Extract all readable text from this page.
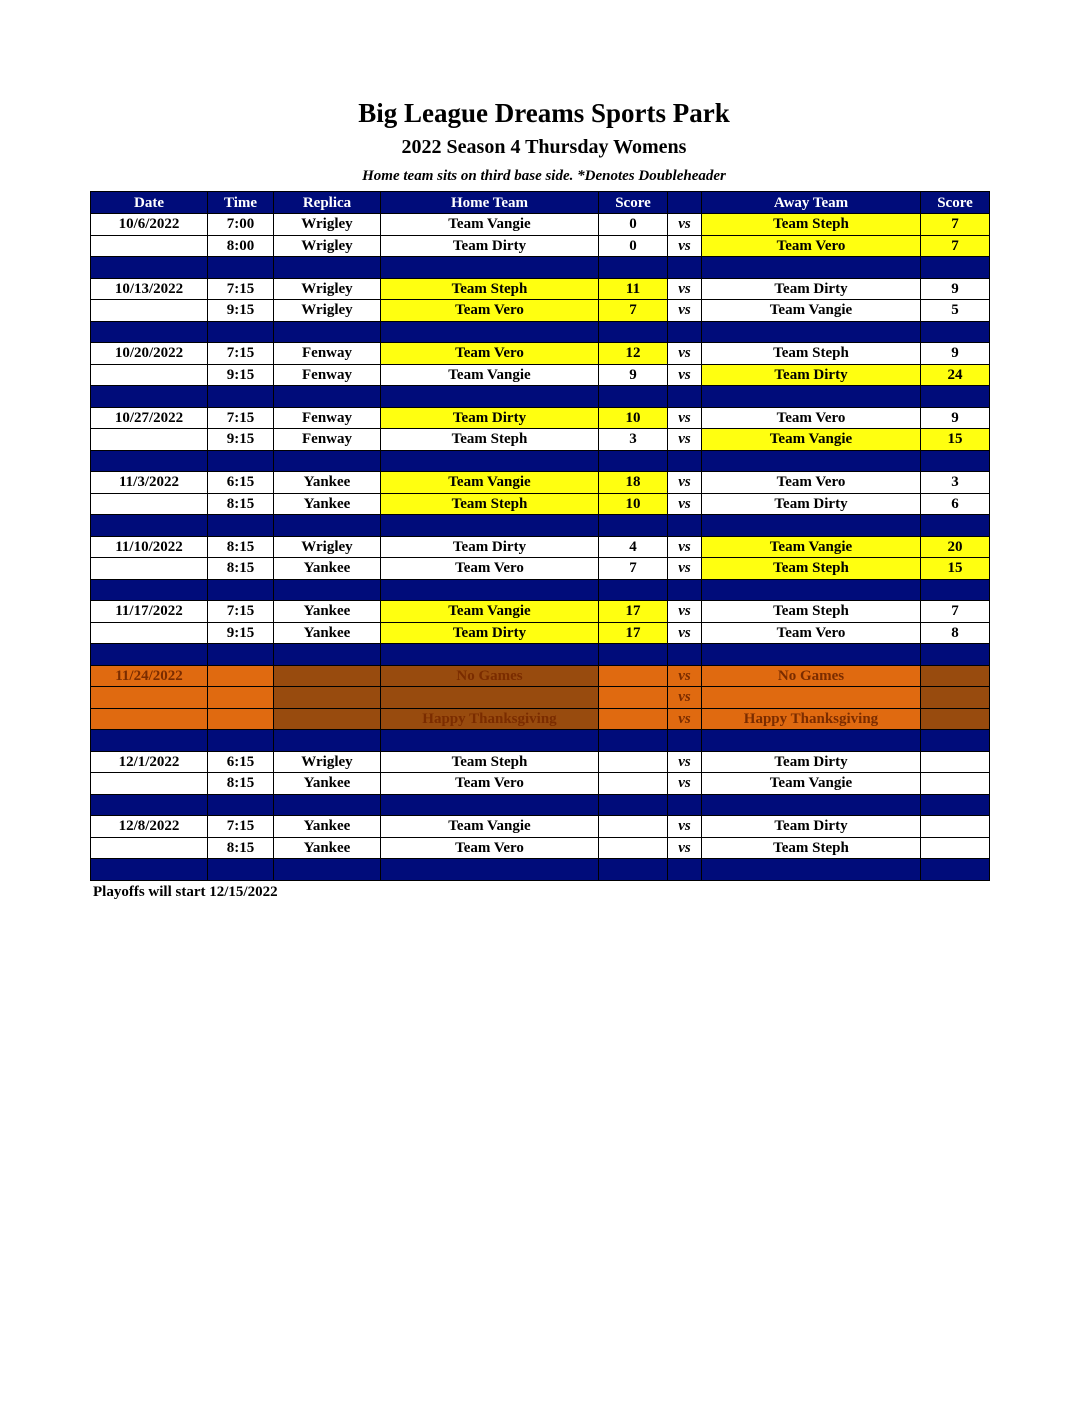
Big League Dreams Sports Park
2022 Season 4 Thursday Womens
Home team sits on third base side. *Denotes Doubleheader
Date	Time	Replica	Home Team	Score		Away Team	Score
10/6/2022	7:00	Wrigley	Team Vangie	0	vs	Team Steph	7
	8:00	Wrigley	Team Dirty	0	vs	Team Vero	7

10/13/2022	7:15	Wrigley	Team Steph	11	vs	Team Dirty	9
	9:15	Wrigley	Team Vero	7	vs	Team Vangie	5

10/20/2022	7:15	Fenway	Team Vero	12	vs	Team Steph	9
	9:15	Fenway	Team Vangie	9	vs	Team Dirty	24

10/27/2022	7:15	Fenway	Team Dirty	10	vs	Team Vero	9
	9:15	Fenway	Team Steph	3	vs	Team Vangie	15

11/3/2022	6:15	Yankee	Team Vangie	18	vs	Team Vero	3
	8:15	Yankee	Team Steph	10	vs	Team Dirty	6

11/10/2022	8:15	Wrigley	Team Dirty	4	vs	Team Vangie	20
	8:15	Yankee	Team Vero	7	vs	Team Steph	15

11/17/2022	7:15	Yankee	Team Vangie	17	vs	Team Steph	7
	9:15	Yankee	Team Dirty	17	vs	Team Vero	8

11/24/2022			No Games		vs	No Games	
					vs		
			Happy Thanksgiving		vs	Happy Thanksgiving	

12/1/2022	6:15	Wrigley	Team Steph		vs	Team Dirty	
	8:15	Yankee	Team Vero		vs	Team Vangie	

12/8/2022	7:15	Yankee	Team Vangie		vs	Team Dirty	
	8:15	Yankee	Team Vero		vs	Team Steph	

Playoffs will start 12/15/2022
